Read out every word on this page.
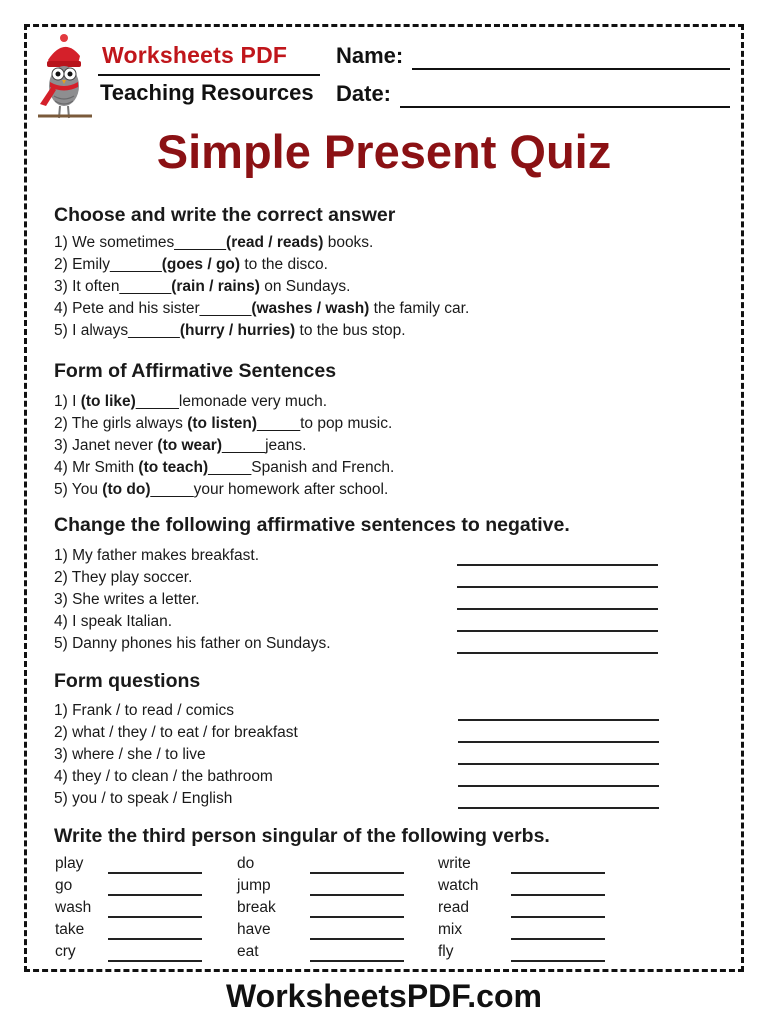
Worksheets PDF
Teaching Resources
Name:
Date:
Simple Present Quiz
Choose and write the correct answer
1) We sometimes______(read / reads) books.
2) Emily______(goes / go) to the disco.
3) It often______(rain / rains) on Sundays.
4) Pete and his sister______(washes / wash) the family car.
5) I always______(hurry / hurries) to the bus stop.
Form of Affirmative Sentences
1) I (to like)_____lemonade very much.
2) The girls always (to listen)_____to pop music.
3) Janet never (to wear)_____jeans.
4) Mr Smith (to teach)_____Spanish and French.
5) You (to do)_____your homework after school.
Change the following affirmative sentences to negative.
1) My father makes breakfast.
2) They play soccer.
3) She writes a letter.
4) I speak Italian.
5) Danny phones his father on Sundays.
Form questions
1) Frank / to read / comics
2) what / they / to eat / for breakfast
3) where / she / to live
4) they / to clean / the bathroom
5) you / to speak / English
Write the third person singular of the following verbs.
play
go
wash
take
cry
do
jump
break
have
eat
write
watch
read
mix
fly
WorksheetsPDF.com
